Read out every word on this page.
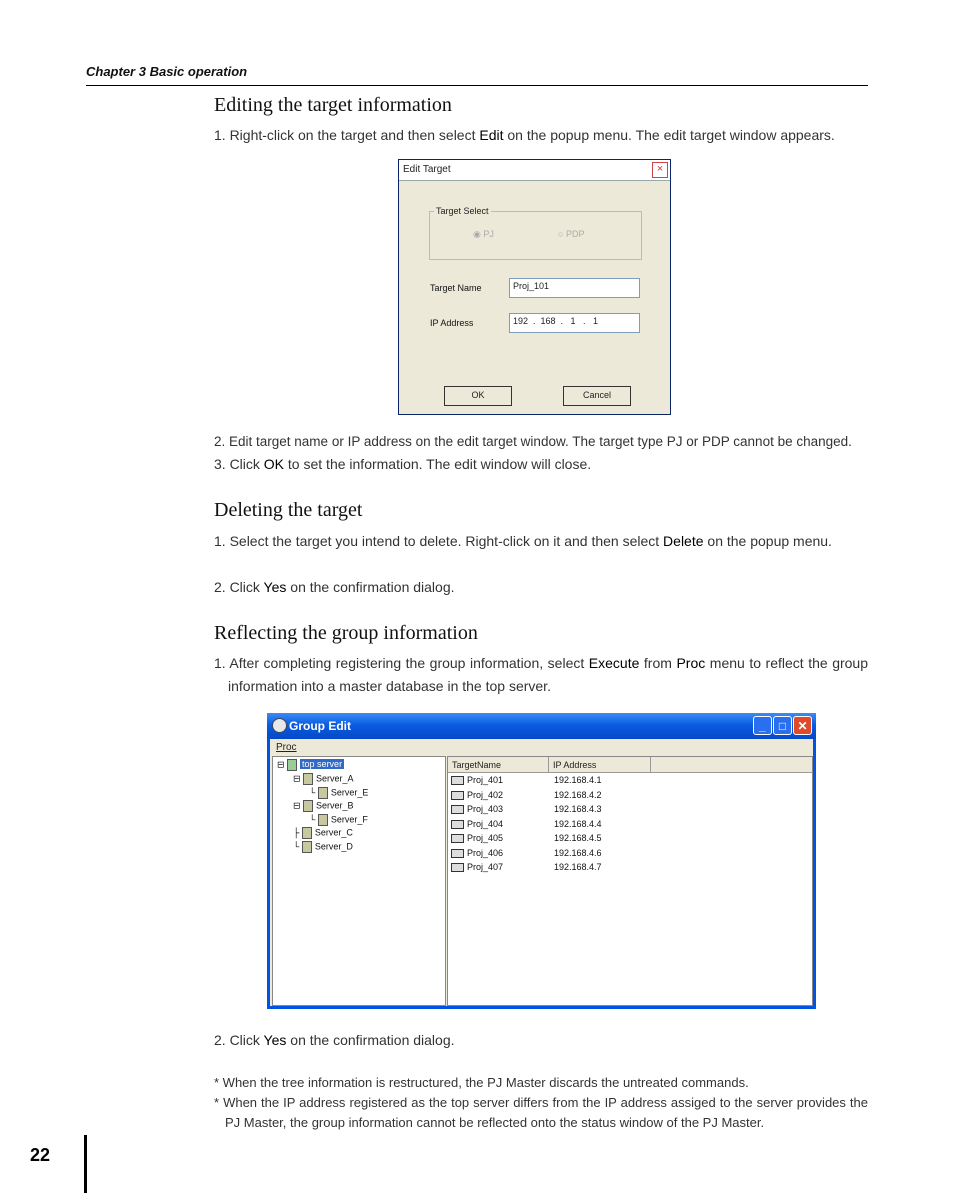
Chapter 3 Basic operation
Editing the target information
1. Right-click on the target and then select Edit on the popup menu. The edit target window appears.
Edit Target	×
Target Select
◉ PJ	○ PDP
Target Name	Proj_101
IP Address	192  .  168  .   1   .   1
OK	Cancel
2. Edit target name or IP address on the edit target window. The target type PJ or PDP cannot be changed.
3. Click OK to set the information. The edit window will close.
Deleting the target
1. Select the target you intend to delete. Right-click on it and then select Delete on the popup menu.
2. Click Yes on the confirmation dialog.
Reflecting the group information
1. After completing registering the group information, select Execute from Proc menu to reflect the group information into a master database in the top server.
Group Edit	_	□ ✕
Proc
⊟ top server
⊟ Server_A
└ Server_E
⊟ Server_B
└ Server_F
├ Server_C
└ Server_D
TargetName	IP Address
Proj_401	192.168.4.1
Proj_402	192.168.4.2
Proj_403	192.168.4.3
Proj_404	192.168.4.4
Proj_405	192.168.4.5
Proj_406	192.168.4.6
Proj_407	192.168.4.7
2. Click Yes on the confirmation dialog.
* When the tree information is restructured, the PJ Master discards the untreated commands.
* When the IP address registered as the top server differs from the IP address assiged to the server provides the PJ Master, the group information cannot be reflected onto the status window of the PJ Master.
22
